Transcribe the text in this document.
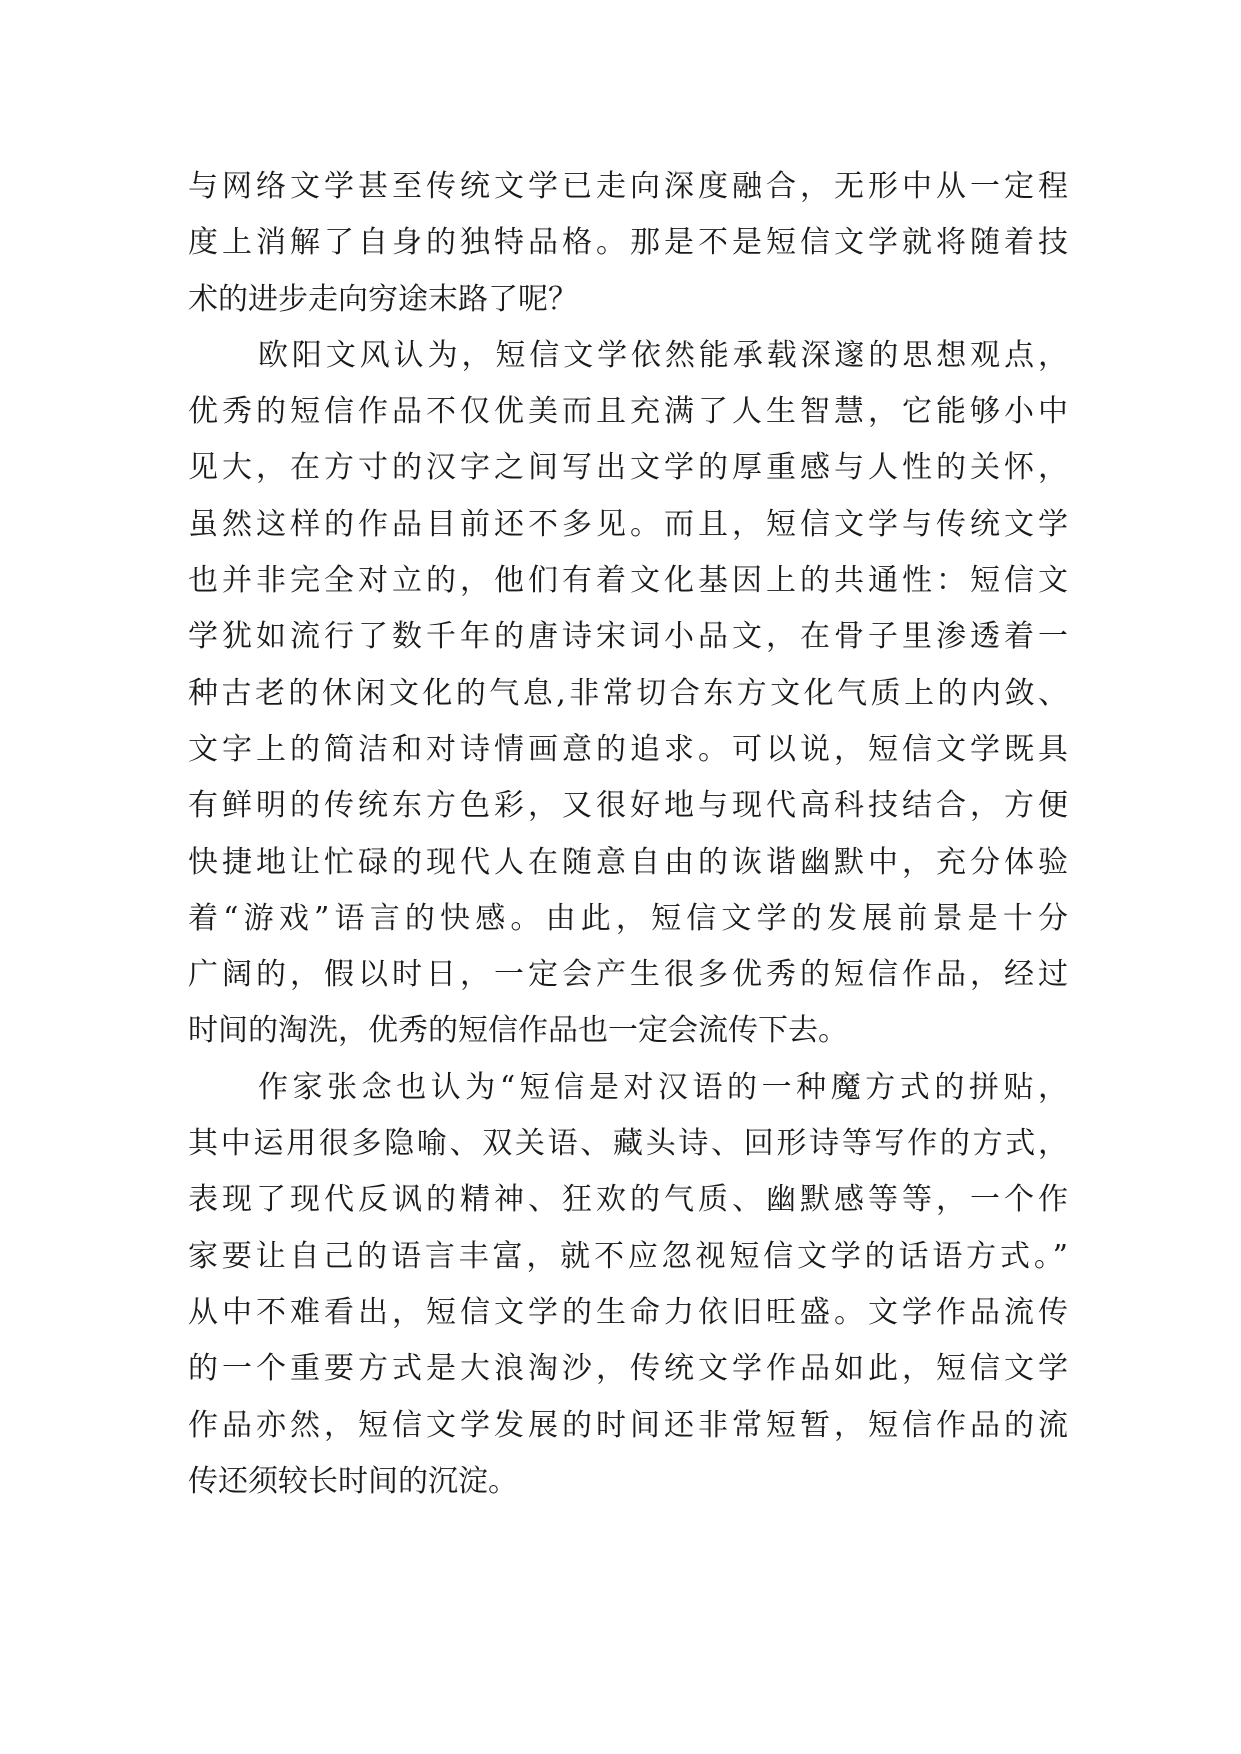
与网络文学甚至传统文学已走向深度融合，无形中从一定程
度上消解了自身的独特品格。那是不是短信文学就将随着技
术的进步走向穷途末路了呢？
欧阳文风认为，短信文学依然能承载深邃的思想观点，
优秀的短信作品不仅优美而且充满了人生智慧，它能够小中
见大，在方寸的汉字之间写出文学的厚重感与人性的关怀，
虽然这样的作品目前还不多见。而且，短信文学与传统文学
也并非完全对立的，他们有着文化基因上的共通性：短信文
学犹如流行了数千年的唐诗宋词小品文，在骨子里渗透着一
种古老的休闲文化的气息,非常切合东方文化气质上的内敛、
文字上的简洁和对诗情画意的追求。可以说，短信文学既具
有鲜明的传统东方色彩，又很好地与现代高科技结合，方便
快捷地让忙碌的现代人在随意自由的诙谐幽默中，充分体验
着“游戏”语言的快感。由此，短信文学的发展前景是十分
广阔的，假以时日，一定会产生很多优秀的短信作品，经过
时间的淘洗，优秀的短信作品也一定会流传下去。
作家张念也认为“短信是对汉语的一种魔方式的拼贴，
其中运用很多隐喻、双关语、藏头诗、回形诗等写作的方式，
表现了现代反讽的精神、狂欢的气质、幽默感等等，一个作
家要让自己的语言丰富，就不应忽视短信文学的话语方式。”
从中不难看出，短信文学的生命力依旧旺盛。文学作品流传
的一个重要方式是大浪淘沙，传统文学作品如此，短信文学
作品亦然，短信文学发展的时间还非常短暂，短信作品的流
传还须较长时间的沉淀。
